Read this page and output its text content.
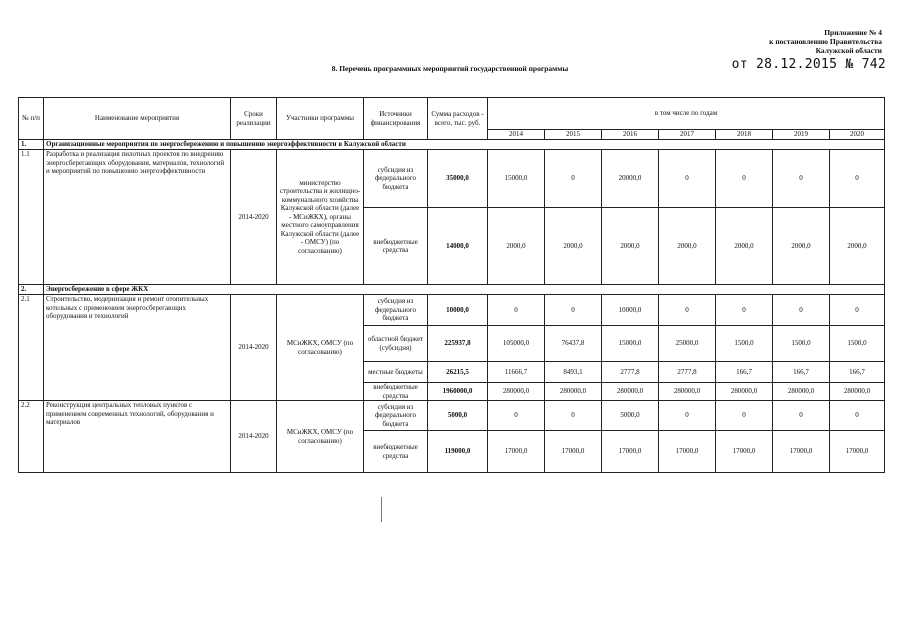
Приложение № 4
к постановлению Правительства
Калужской области
от 28.12.2015 № 742
8. Перечень программных мероприятий государственной программы
№ п/п	Наименование мероприятия	Сроки реализации	Участники программы	Источники финансирования	Сумма расходов - всего, тыс. руб.	в том числе по годам						
						2014	2015	2016	2017	2018	2019	2020
1.	Организационные мероприятия по энергосбережению и повышению энергоэффективности в Калужской области											
1.1	Разработка и реализация пилотных проектов по внедрению энергосберегающих оборудования, материалов, технологий и мероприятий по повышению энергоэффективности	2014-2020	министерство строительства и жилищно-коммунального хозяйства Калужской области (далее - МСиЖКХ), органы местного самоуправления Калужской области (далее - ОМСУ) (по согласованию)	субсидия из федерального бюджета	35000,0	15000,0	0	20000,0	0	0	0	0
				внебюджетные средства	14000,0	2000,0	2000,0	2000,0	2000,0	2000,0	2000,0	2000,0
2.	Энергосбережение в сфере ЖКХ											
2.1	Строительство, модернизация и ремонт отопительных котельных с применением энергосберегающих оборудования и технологий	2014-2020	МСиЖКХ, ОМСУ (по согласованию)	субсидия из федерального бюджета	10000,0	0	0	10000,0	0	0	0	0
				областной бюджет (субсидия)	225937,8	105000,0	76437,8	15000,0	25000,0	1500,0	1500,0	1500,0
				местные бюджеты	26215,5	11666,7	8493,1	2777,8	2777,8	166,7	166,7	166,7
				внебюджетные средства	1960000,0	280000,0	280000,0	280000,0	280000,0	280000,0	280000,0	280000,0
2.2	Реконструкция центральных тепловых пунктов с применением современных технологий, оборудования и материалов	2014-2020	МСиЖКХ, ОМСУ (по согласованию)	субсидия из федерального бюджета	5000,0	0	0	5000,0	0	0	0	0
				внебюджетные средства	119000,0	17000,0	17000,0	17000,0	17000,0	17000,0	17000,0	17000,0
